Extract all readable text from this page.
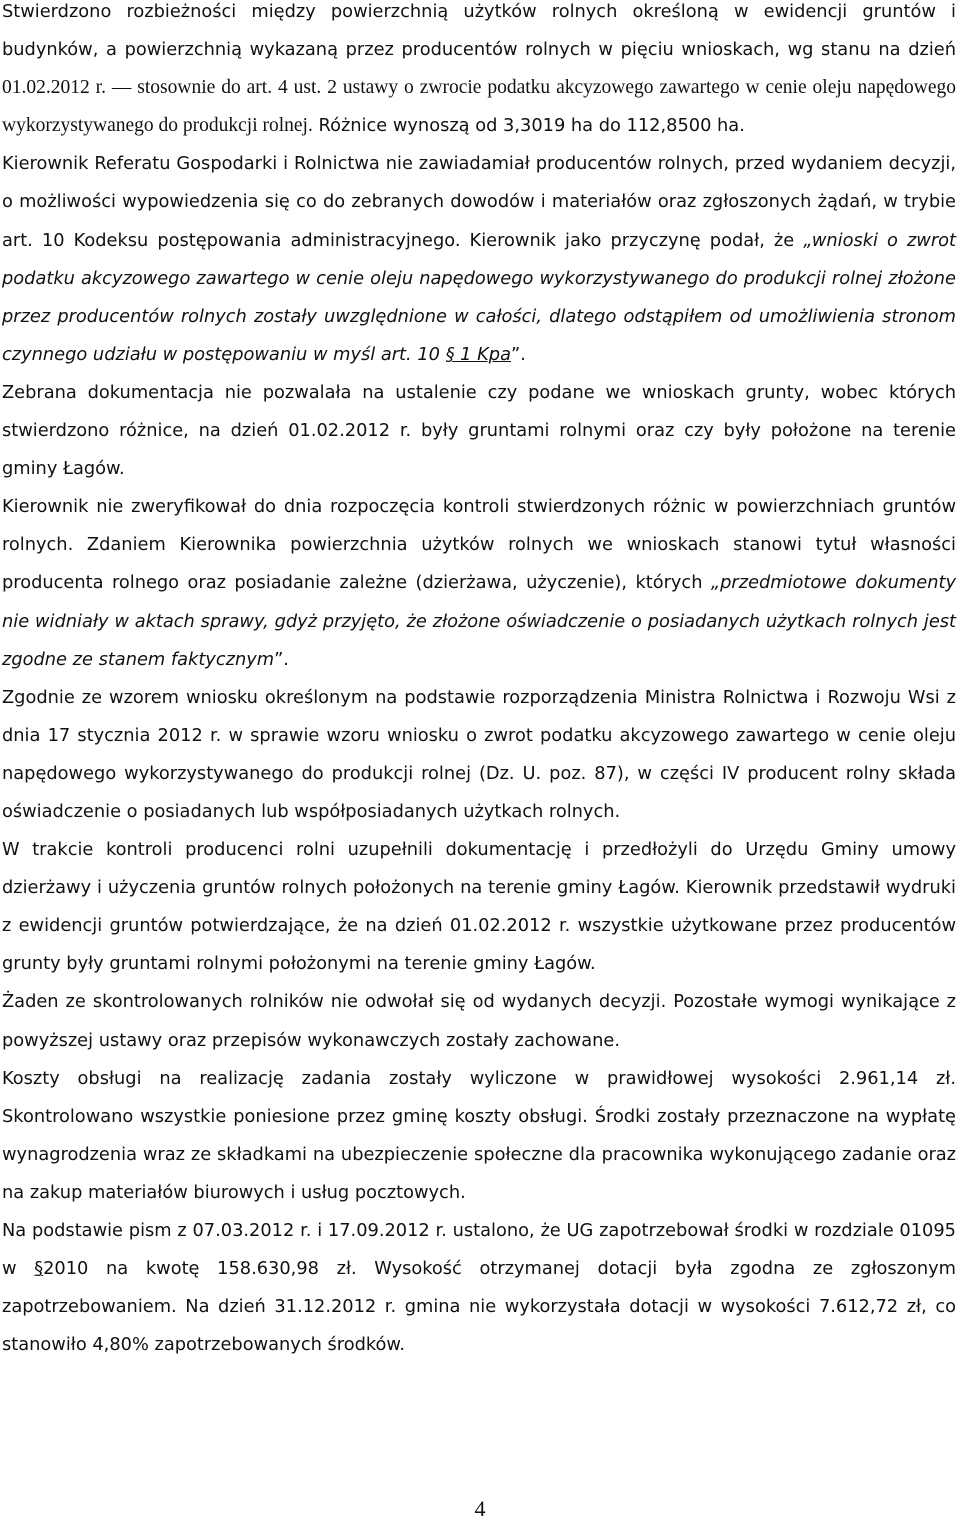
Stwierdzono rozbieżności między powierzchnią użytków rolnych określoną w ewidencji gruntów i budynków, a powierzchnią wykazaną przez producentów rolnych w pięciu wnioskach, wg stanu na dzień 01.02.2012 r. — stosownie do art. 4 ust. 2 ustawy o zwrocie podatku akcyzowego zawartego w cenie oleju napędowego wykorzystywanego do produkcji rolnej. Różnice wynoszą od 3,3019 ha do 112,8500 ha.

Kierownik Referatu Gospodarki i Rolnictwa nie zawiadamiał producentów rolnych, przed wydaniem decyzji, o możliwości wypowiedzenia się co do zebranych dowodów i materiałów oraz zgłoszonych żądań, w trybie art. 10 Kodeksu postępowania administracyjnego. Kierownik jako przyczynę podał, że „wnioski o zwrot podatku akcyzowego zawartego w cenie oleju napędowego wykorzystywanego do produkcji rolnej złożone przez producentów rolnych zostały uwzględnione w całości, dlatego odstąpiłem od umożliwienia stronom czynnego udziału w postępowaniu w myśl art. 10 § 1 Kpa”.

Zebrana dokumentacja nie pozwalała na ustalenie czy podane we wnioskach grunty, wobec których stwierdzono różnice, na dzień 01.02.2012 r. były gruntami rolnymi oraz czy były położone na terenie gminy Łagów.

Kierownik nie zweryfikował do dnia rozpoczęcia kontroli stwierdzonych różnic w powierzchniach gruntów rolnych. Zdaniem Kierownika powierzchnia użytków rolnych we wnioskach stanowi tytuł własności producenta rolnego oraz posiadanie zależne (dzierżawa, użyczenie), których „przedmiotowe dokumenty nie widniały w aktach sprawy, gdyż przyjęto, że złożone oświadczenie o posiadanych użytkach rolnych jest zgodne ze stanem faktycznym”.

Zgodnie ze wzorem wniosku określonym na podstawie rozporządzenia Ministra Rolnictwa i Rozwoju Wsi z dnia 17 stycznia 2012 r. w sprawie wzoru wniosku o zwrot podatku akcyzowego zawartego w cenie oleju napędowego wykorzystywanego do produkcji rolnej (Dz. U. poz. 87), w części IV producent rolny składa oświadczenie o posiadanych lub współposiadanych użytkach rolnych.

W trakcie kontroli producenci rolni uzupełnili dokumentację i przedłożyli do Urzędu Gminy umowy dzierżawy i użyczenia gruntów rolnych położonych na terenie gminy Łagów. Kierownik przedstawił wydruki z ewidencji gruntów potwierdzające, że na dzień 01.02.2012 r. wszystkie użytkowane przez producentów grunty były gruntami rolnymi położonymi na terenie gminy Łagów.

Żaden ze skontrolowanych rolników nie odwołał się od wydanych decyzji. Pozostałe wymogi wynikające z powyższej ustawy oraz przepisów wykonawczych zostały zachowane.

Koszty obsługi na realizację zadania zostały wyliczone w prawidłowej wysokości 2.961,14 zł. Skontrolowano wszystkie poniesione przez gminę koszty obsługi. Środki zostały przeznaczone na wypłatę wynagrodzenia wraz ze składkami na ubezpieczenie społeczne dla pracownika wykonującego zadanie oraz na zakup materiałów biurowych i usług pocztowych.

Na podstawie pism z 07.03.2012 r. i 17.09.2012 r. ustalono, że UG zapotrzebował środki w rozdziale 01095 w §2010 na kwotę 158.630,98 zł. Wysokość otrzymanej dotacji była zgodna ze zgłoszonym zapotrzebowaniem. Na dzień 31.12.2012 r. gmina nie wykorzystała dotacji w wysokości 7.612,72 zł, co stanowiło 4,80% zapotrzebowanych środków.

4
